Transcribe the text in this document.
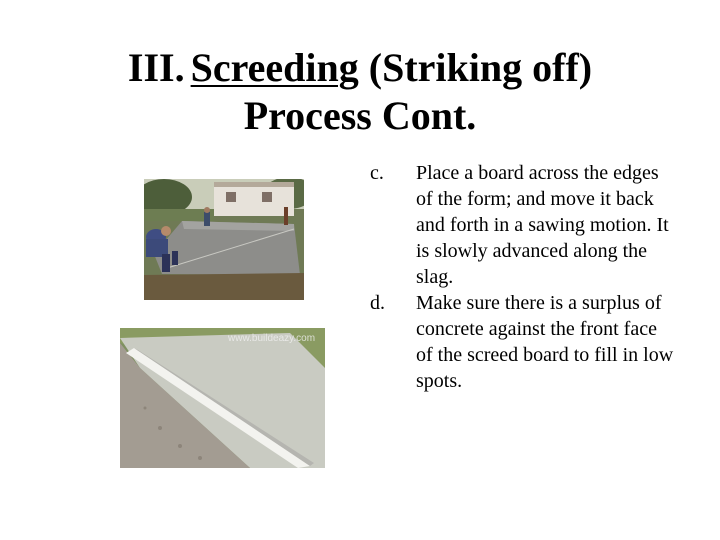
III. Screeding (Striking off)
Process Cont.
www.buildeazy.com
c.	Place a board across the edges of the form; and move it back and forth in a sawing motion. It is slowly advanced along the slag.
d.	Make sure there is a surplus of concrete against the front face of the screed board to fill in low spots.
